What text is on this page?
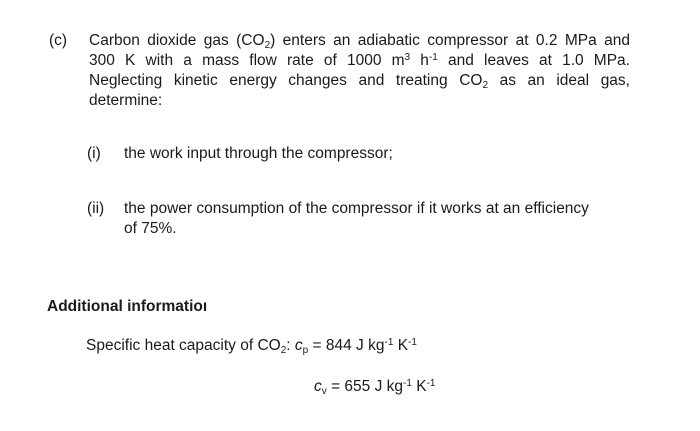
(c) Carbon dioxide gas $(CO_2)$ enters an adiabatic compressor at 0.2 MPa and
300 K with a mass flow rate of 1000 $m^3$ $h^{-1}$ and leaves at 1.0 MPa.
Neglecting kinetic energy changes and treating $CO_2$ as an ideal gas,
determine:
(i) the work input through the compressor;
(ii) the power consumption of the compressor if it works at an efficiency
of 75%.
Additional informatioı
Specific heat capacity of $CO_2$: $c_p = 844$ J $kg^{-1}$ $K^{-1}$
$c_v = 655$ J $kg^{-1}$ $K^{-1}$
